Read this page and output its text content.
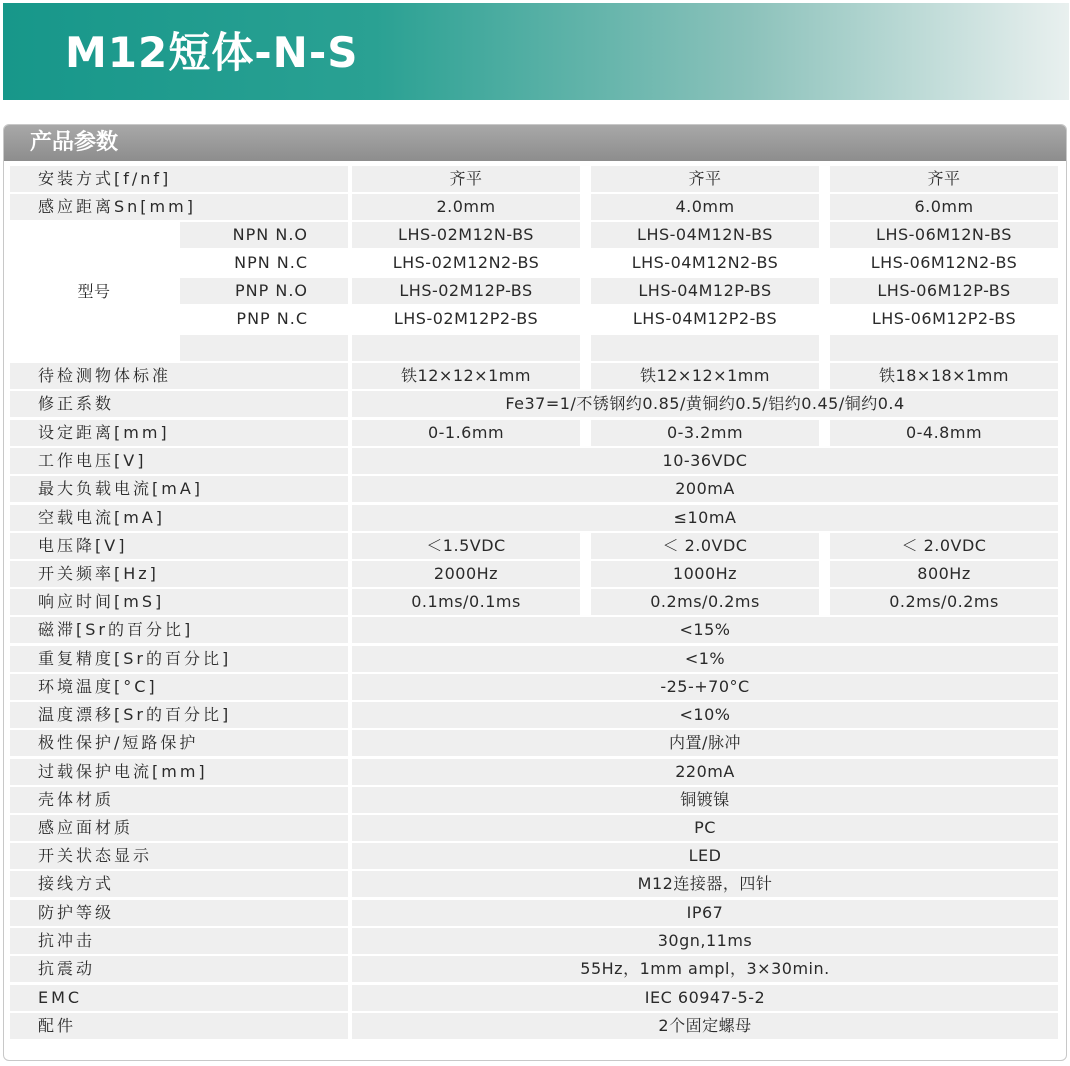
M12短体-N-S
产品参数
安装方式[f/nf]	齐平	齐平	齐平
感应距离Sn[mm]	2.0mm	4.0mm	6.0mm
型号
NPN N.O	LHS-02M12N-BS	LHS-04M12N-BS	LHS-06M12N-BS
NPN N.C	LHS-02M12N2-BS	LHS-04M12N2-BS	LHS-06M12N2-BS
PNP N.O	LHS-02M12P-BS	LHS-04M12P-BS	LHS-06M12P-BS
PNP N.C	LHS-02M12P2-BS	LHS-04M12P2-BS	LHS-06M12P2-BS
待检测物体标准	铁12×12×1mm	铁12×12×1mm	铁18×18×1mm
修正系数	Fe37=1/不锈钢约0.85/黄铜约0.5/铝约0.45/铜约0.4
设定距离[mm]	0-1.6mm	0-3.2mm	0-4.8mm
工作电压[V]	10-36VDC
最大负载电流[mA]	200mA
空载电流[mA]	≤10mA
电压降[V]	＜1.5VDC	＜ 2.0VDC	＜ 2.0VDC
开关频率[Hz]	2000Hz	1000Hz	800Hz
响应时间[mS]	0.1ms/0.1ms	0.2ms/0.2ms	0.2ms/0.2ms
磁滞[Sr的百分比]	<15%
重复精度[Sr的百分比]	<1%
环境温度[°C]	-25-+70°C
温度漂移[Sr的百分比]	<10%
极性保护/短路保护	内置/脉冲
过载保护电流[mm]	220mA
壳体材质	铜镀镍
感应面材质	PC
开关状态显示	LED
接线方式	M12连接器，四针
防护等级	IP67
抗冲击	30gn,11ms
抗震动	55Hz，1mm ampl，3×30min.
EMC	IEC 60947-5-2
配件	2个固定螺母
